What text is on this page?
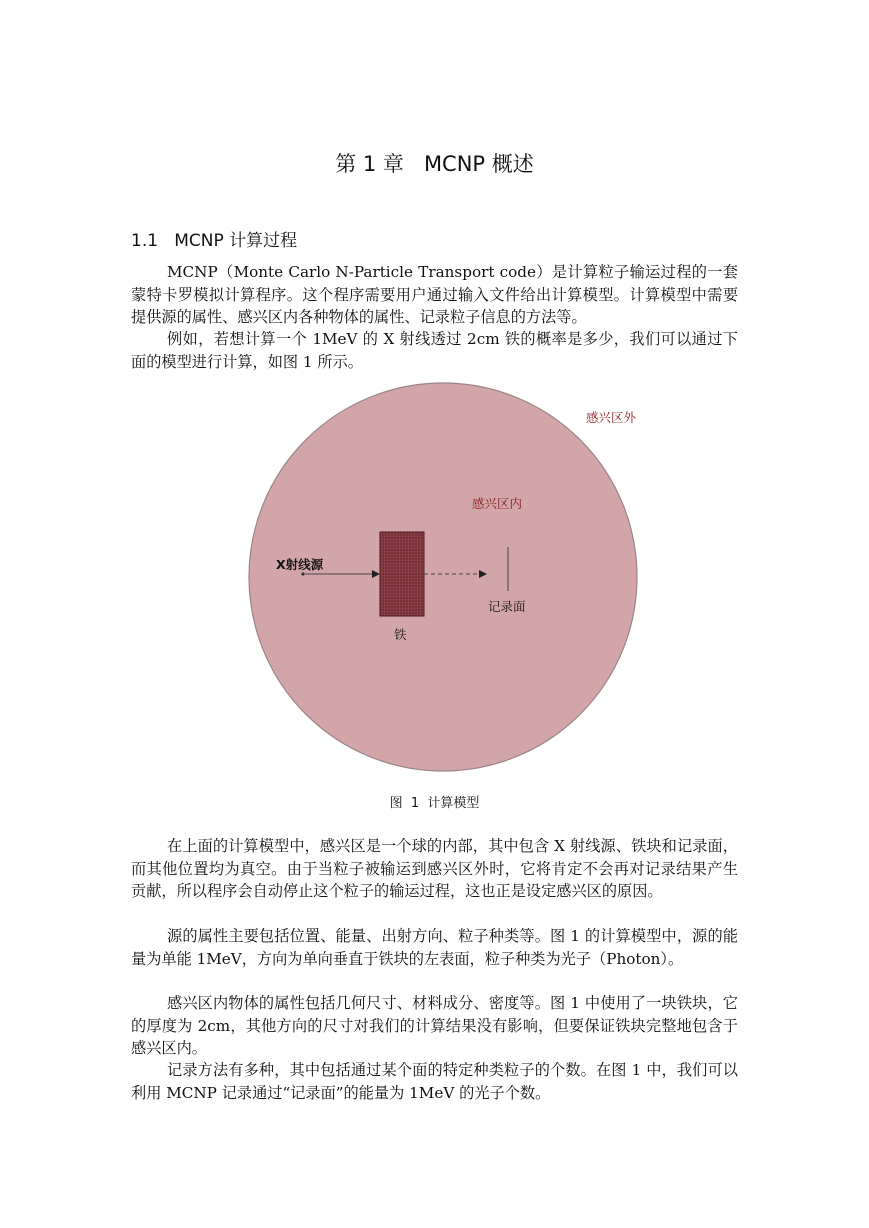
第 1 章   MCNP 概述
1.1   MCNP 计算过程

MCNP（Monte Carlo N-Particle Transport code）是计算粒子输运过程的一套蒙特卡罗模拟计算程序。这个程序需要用户通过输入文件给出计算模型。计算模型中需要提供源的属性、感兴区内各种物体的属性、记录粒子信息的方法等。

例如，若想计算一个 1MeV 的 X 射线透过 2cm 铁的概率是多少，我们可以通过下面的模型进行计算，如图 1 所示。

感兴区外
感兴区内
X射线源
铁
记录面
图  1  计算模型

在上面的计算模型中，感兴区是一个球的内部，其中包含 X 射线源、铁块和记录面，而其他位置均为真空。由于当粒子被输运到感兴区外时，它将肯定不会再对记录结果产生贡献，所以程序会自动停止这个粒子的输运过程，这也正是设定感兴区的原因。

源的属性主要包括位置、能量、出射方向、粒子种类等。图 1 的计算模型中，源的能量为单能 1MeV，方向为单向垂直于铁块的左表面，粒子种类为光子（Photon）。

感兴区内物体的属性包括几何尺寸、材料成分、密度等。图 1 中使用了一块铁块，它的厚度为 2cm，其他方向的尺寸对我们的计算结果没有影响，但要保证铁块完整地包含于感兴区内。

记录方法有多种，其中包括通过某个面的特定种类粒子的个数。在图 1 中，我们可以利用 MCNP 记录通过“记录面”的能量为 1MeV 的光子个数。
